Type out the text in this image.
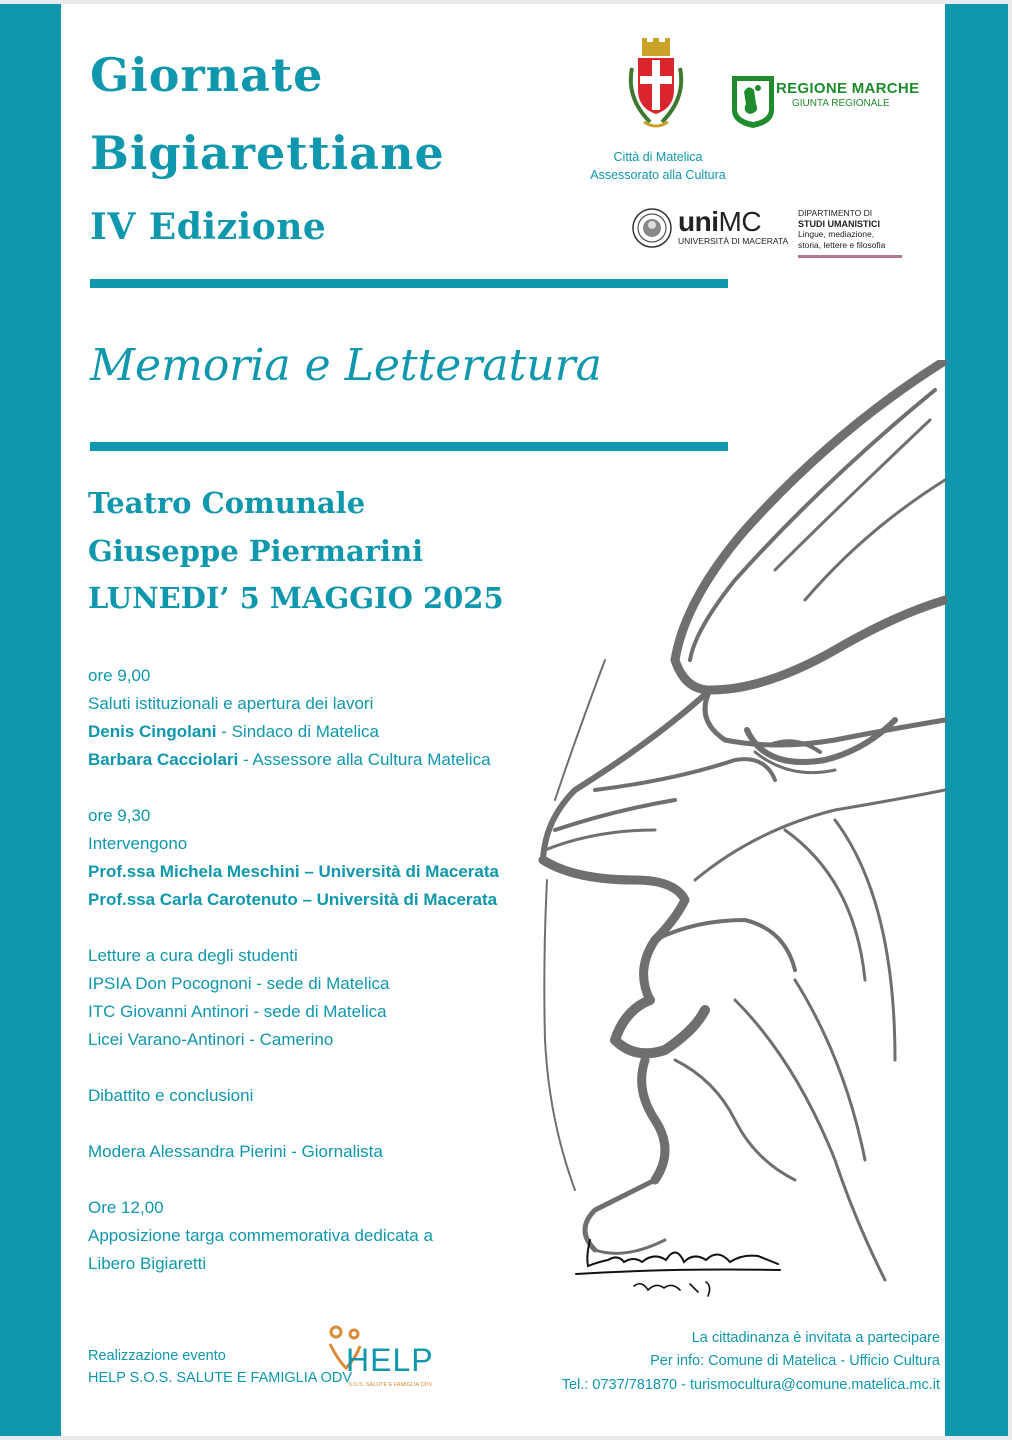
Giornate
Bigiarettiane
IV Edizione
Città di Matelica
Assessorato alla Cultura
REGIONE MARCHE
GIUNTA REGIONALE
uniMC
UNIVERSITÀ DI MACERATA
DIPARTIMENTO DI
STUDI UMANISTICI
Lingue, mediazione,
storia, lettere e filosofia
Memoria e Letteratura
Teatro Comunale
Giuseppe Piermarini
LUNEDI’ 5 MAGGIO 2025
ore 9,00
Saluti istituzionali e apertura dei lavori
Denis Cingolani - Sindaco di Matelica
Barbara Cacciolari - Assessore alla Cultura Matelica
ore 9,30
Intervengono
Prof.ssa Michela Meschini – Università di Macerata
Prof.ssa Carla Carotenuto – Università di Macerata
Letture a cura degli studenti
IPSIA Don Pocognoni - sede di Matelica
ITC Giovanni Antinori - sede di Matelica
Licei Varano-Antinori - Camerino
Dibattito e conclusioni
Modera Alessandra Pierini - Giornalista
Ore 12,00
Apposizione targa commemorativa dedicata a
Libero Bigiaretti
Realizzazione evento
HELP S.O.S. SALUTE E FAMIGLIA ODV
HELP
S.O.S. SALUTE E FAMIGLIA ODV
La cittadinanza è invitata a partecipare
Per info: Comune di Matelica - Ufficio Cultura
Tel.: 0737/781870 - turismocultura@comune.matelica.mc.it
